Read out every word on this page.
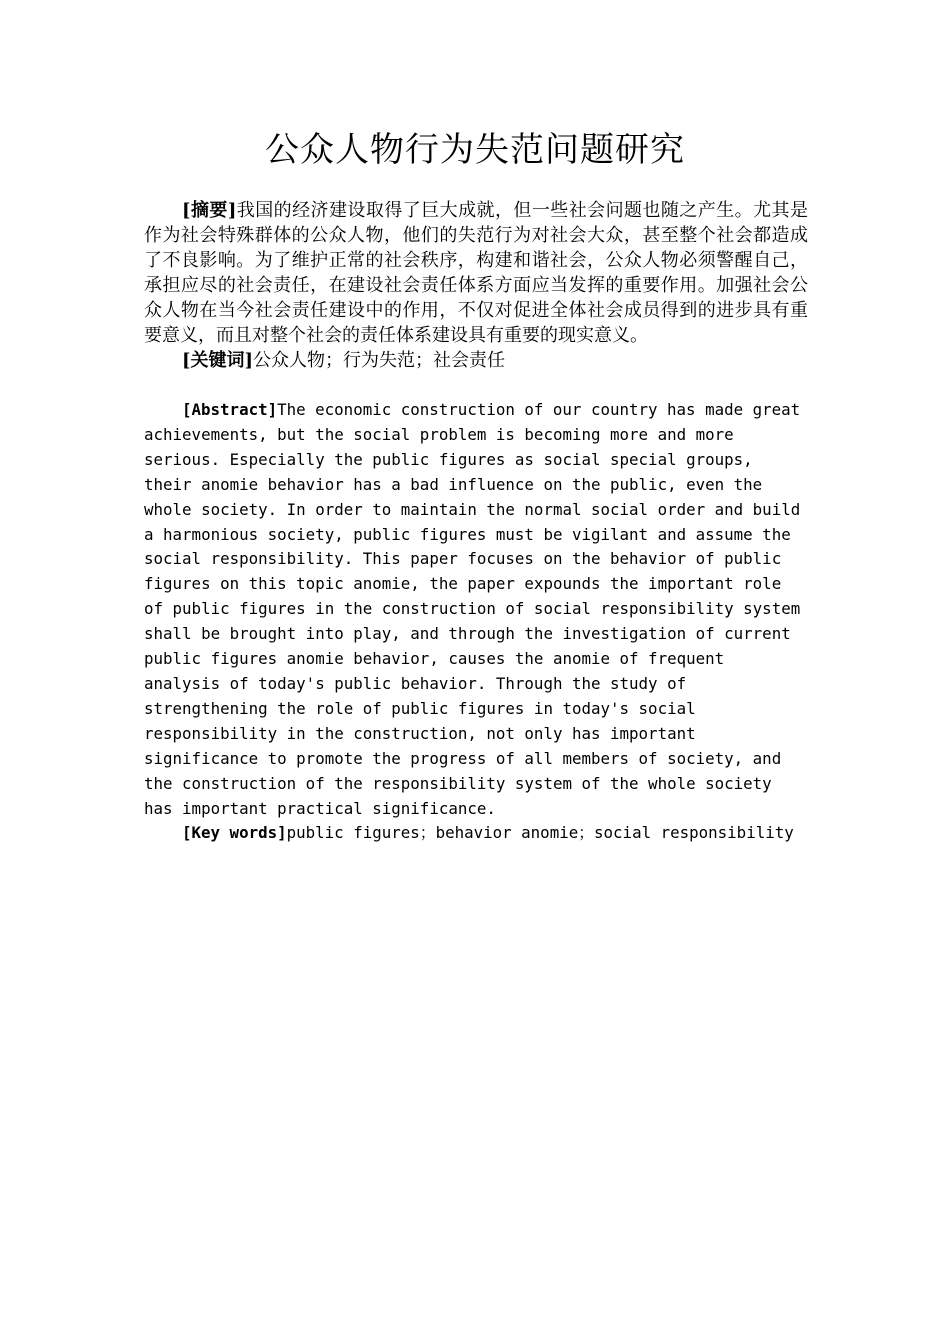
公众人物行为失范问题研究

[摘要]我国的经济建设取得了巨大成就，但一些社会问题也随之产生。尤其是作为社会特殊群体的公众人物，他们的失范行为对社会大众，甚至整个社会都造成了不良影响。为了维护正常的社会秩序，构建和谐社会，公众人物必须警醒自己，承担应尽的社会责任，在建设社会责任体系方面应当发挥的重要作用。加强社会公众人物在当今社会责任建设中的作用，不仅对促进全体社会成员得到的进步具有重要意义，而且对整个社会的责任体系建设具有重要的现实意义。

[关键词]公众人物；行为失范；社会责任

[Abstract]The economic construction of our country has made great achievements, but the social problem is becoming more and more serious. Especially the public figures as social special groups, their anomie behavior has a bad influence on the public, even the whole society. In order to maintain the normal social order and build a harmonious society, public figures must be vigilant and assume the social responsibility. This paper focuses on the behavior of public figures on this topic anomie, the paper expounds the important role of public figures in the construction of social responsibility system shall be brought into play, and through the investigation of current public figures anomie behavior, causes the anomie of frequent analysis of today's public behavior. Through the study of strengthening the role of public figures in today's social responsibility in the construction, not only has important significance to promote the progress of all members of society, and the construction of the responsibility system of the whole society has important practical significance.

[Key words]public figures；behavior anomie；social responsibility
